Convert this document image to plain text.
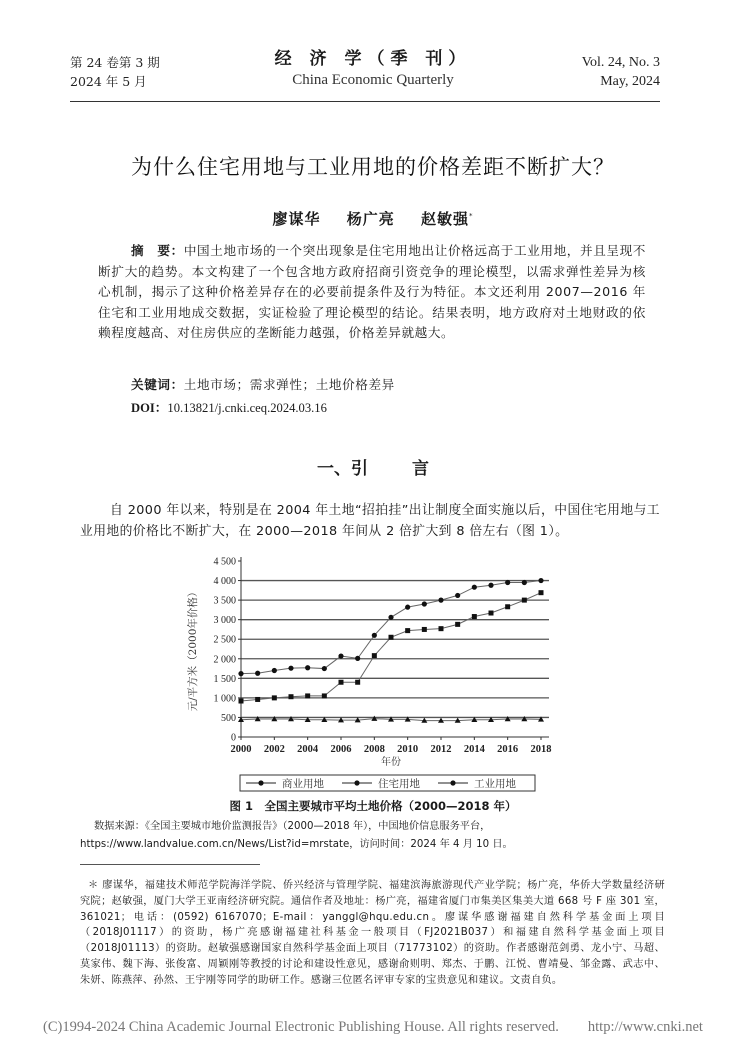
第 24 卷第 3 期
2024 年 5 月
经 济 学（季 刊）
China Economic Quarterly
Vol. 24, No. 3
May, 2024
为什么住宅用地与工业用地的价格差距不断扩大？
廖谋华 杨广亮 赵敏强*
摘　要：中国土地市场的一个突出现象是住宅用地出让价格远高于工业用地，并且呈现不断扩大的趋势。本文构建了一个包含地方政府招商引资竞争的理论模型，以需求弹性差异为核心机制，揭示了这种价格差异存在的必要前提条件及行为特征。本文还利用 2007—2016 年住宅和工业用地成交数据，实证检验了理论模型的结论。结果表明，地方政府对土地财政的依赖程度越高、对住房供应的垄断能力越强，价格差异就越大。
关键词：土地市场；需求弹性；土地价格差异
DOI：10.13821/j.cnki.ceq.2024.03.16
一、引	言
自 2000 年以来，特别是在 2004 年土地“招拍挂”出让制度全面实施以后，中国住宅用地与工业用地的价格比不断扩大，在 2000—2018 年间从 2 倍扩大到 8 倍左右（图 1）。
0
500
1 000
1 500
2 000
2 500
3 000
3 500
4 000
4 500
2000 2002 2004 2006 2008 2010 2012 2014 2016 2018
年份
元/平方米（2000年价格）
商业用地	住宅用地	工业用地
图 1　全国主要城市平均土地价格（2000—2018 年）
数据来源：《全国主要城市地价监测报告》（2000—2018 年），中国地价信息服务平台，https://www.landvalue.com.cn/News/List?id=mrstate，访问时间：2024 年 4 月 10 日。
＊ 廖谋华，福建技术师范学院海洋学院、侨兴经济与管理学院、福建滨海旅游现代产业学院；杨广亮，华侨大学数量经济研究院；赵敏强，厦门大学王亚南经济研究院。通信作者及地址：杨广亮，福建省厦门市集美区集美大道 668 号 F 座 301 室，361021；电话：(0592) 6167070；E-mail：yanggl@hqu.edu.cn。廖谋华感谢福建自然科学基金面上项目（2018J01117）的资助，杨广亮感谢福建社科基金一般项目（FJ2021B037）和福建自然科学基金面上项目（2018J01113）的资助。赵敏强感谢国家自然科学基金面上项目（71773102）的资助。作者感谢范剑勇、龙小宁、马超、莫家伟、魏下海、张俊富、周颖刚等教授的讨论和建设性意见，感谢俞则明、郑杰、于鹏、江悦、曹靖曼、邹金露、武志中、朱妍、陈燕萍、孙然、王宇刚等同学的助研工作。感谢三位匿名评审专家的宝贵意见和建议。文责自负。
(C)1994-2024 China Academic Journal Electronic Publishing House. All rights reserved.　　http://www.cnki.net
